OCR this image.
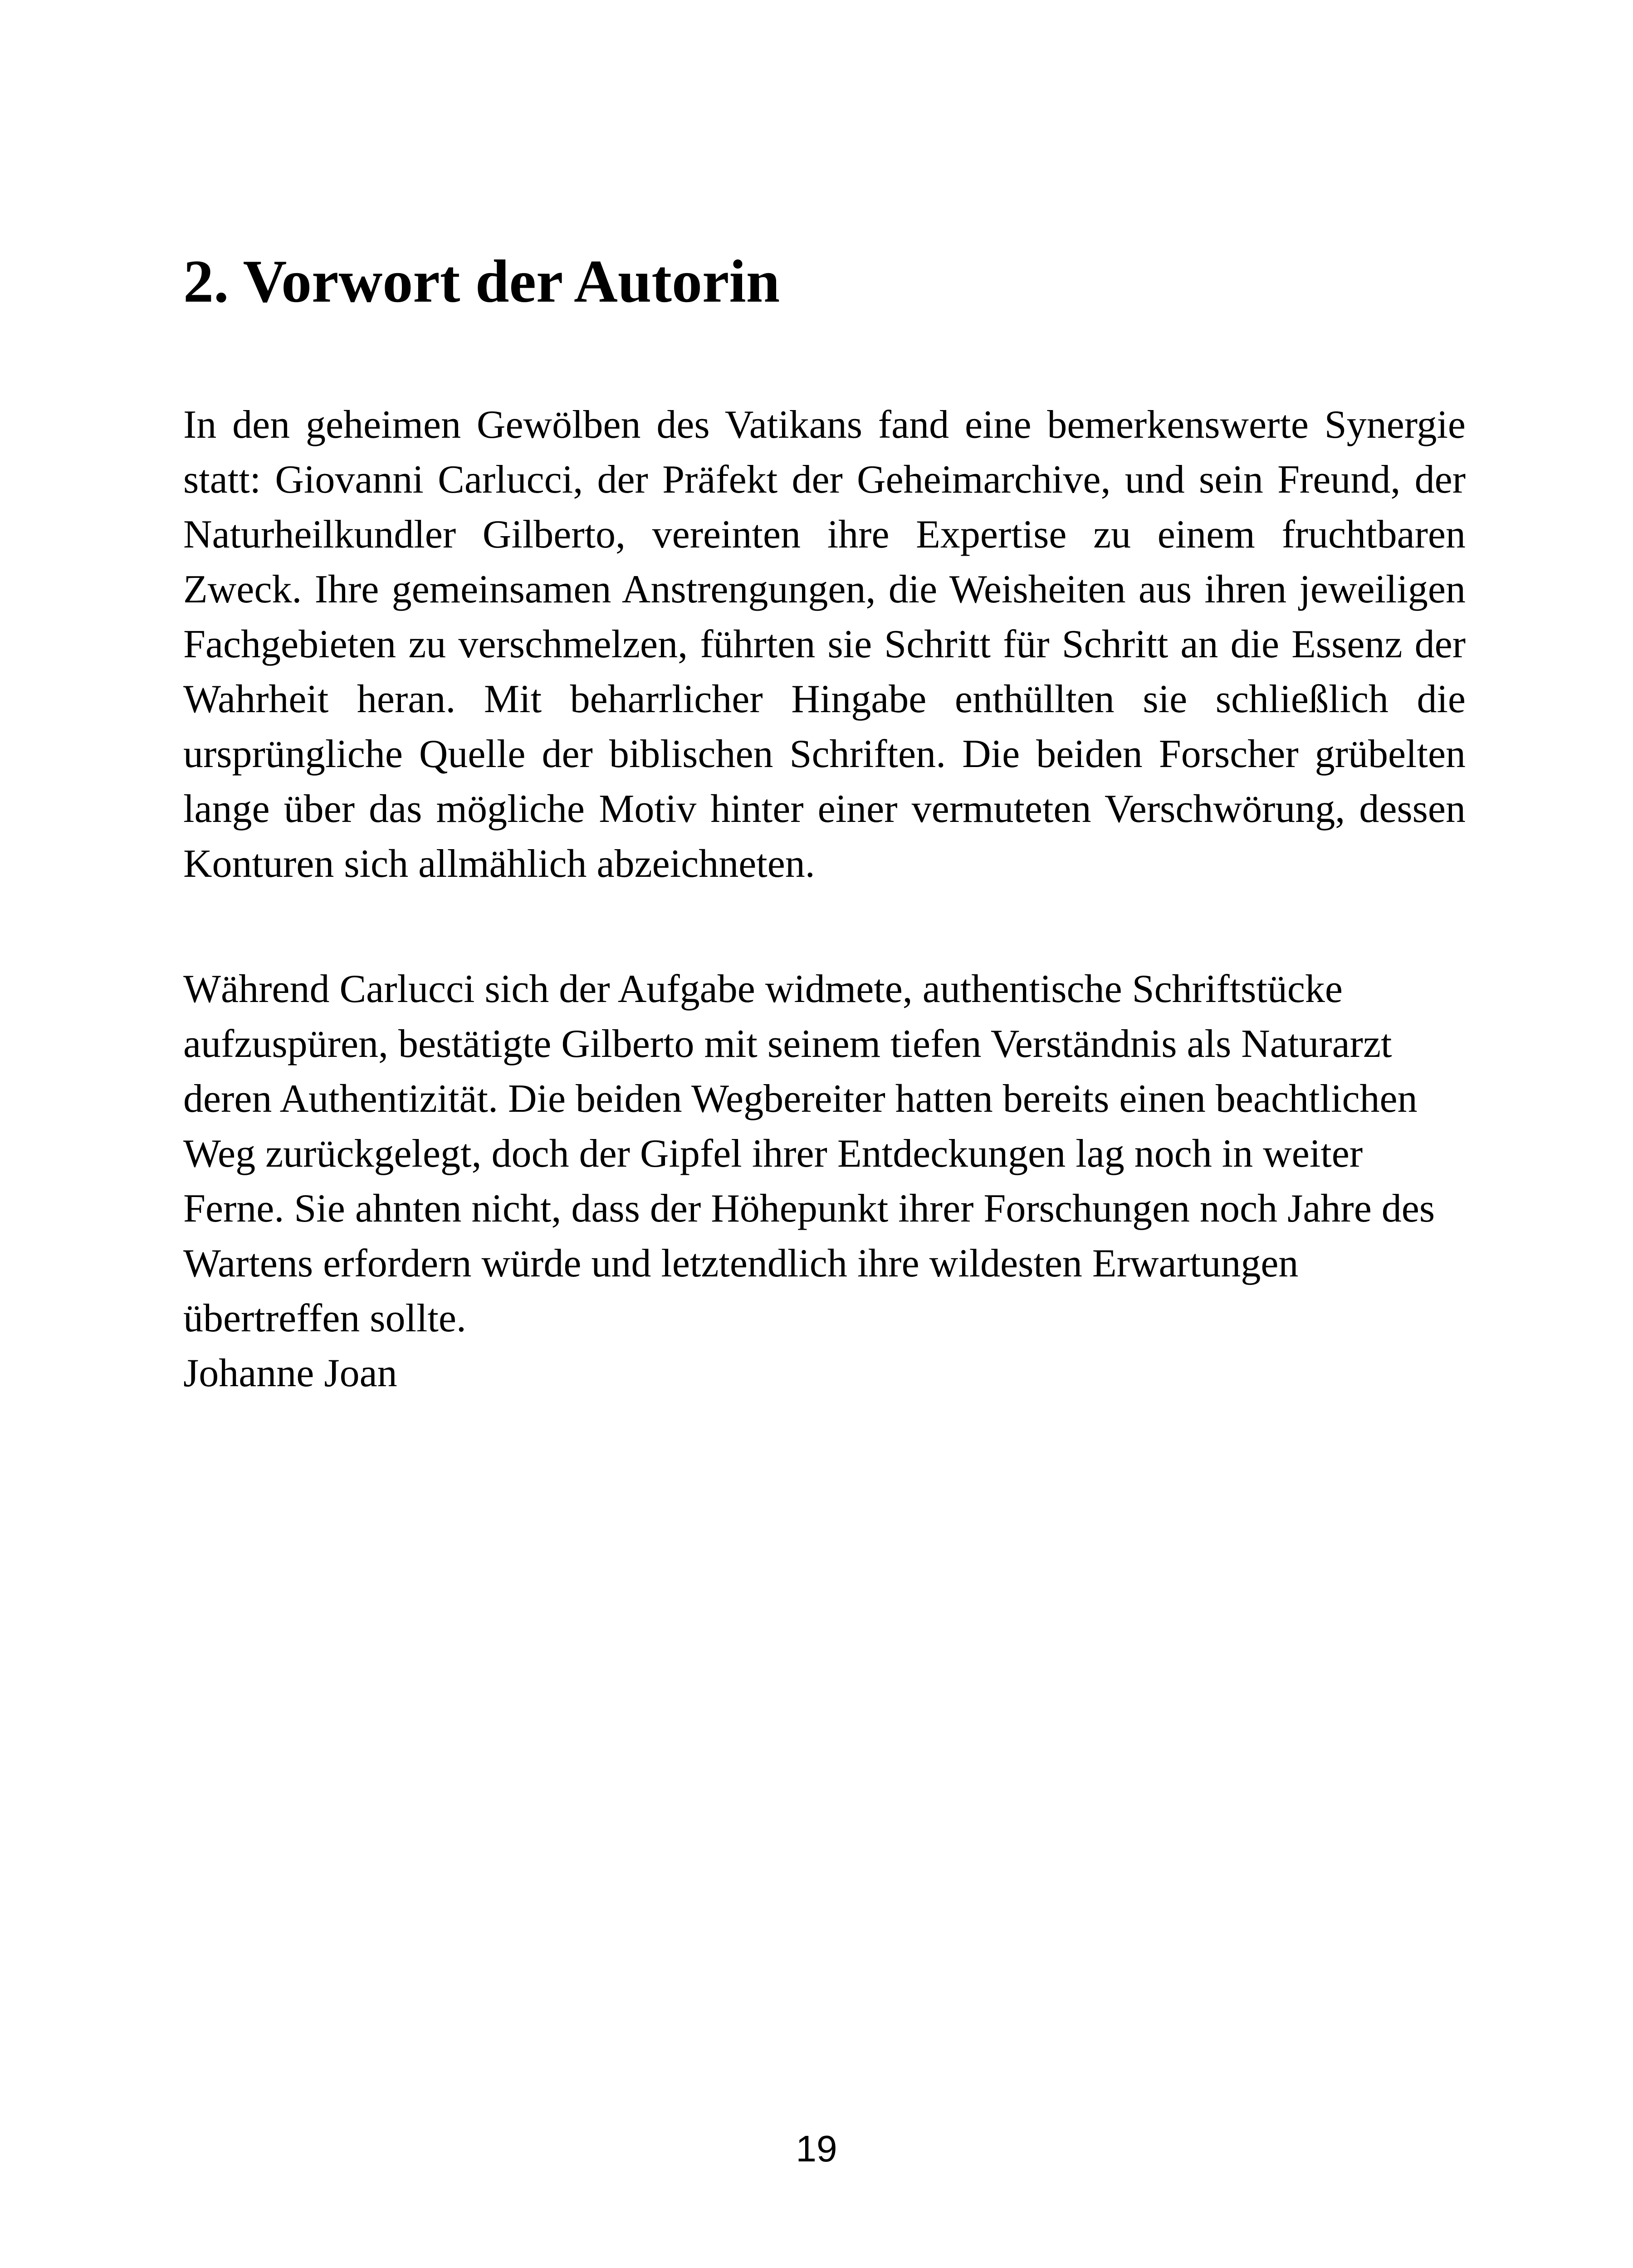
2. Vorwort der Autorin

In den geheimen Gewölben des Vatikans fand eine bemerkenswerte Synergie statt: Giovanni Carlucci, der Präfekt der Geheimarchive, und sein Freund, der Naturheilkundler Gilberto, vereinten ihre Expertise zu einem fruchtbaren Zweck. Ihre gemeinsamen Anstrengungen, die Weisheiten aus ihren jeweiligen Fachgebieten zu verschmelzen, führten sie Schritt für Schritt an die Essenz der Wahrheit heran. Mit beharrlicher Hingabe enthüllten sie schließlich die ursprüngliche Quelle der biblischen Schriften. Die beiden Forscher grübelten lange über das mögliche Motiv hinter einer vermuteten Verschwörung, dessen Konturen sich allmählich abzeichneten.

Während Carlucci sich der Aufgabe widmete, authentische Schriftstücke aufzuspüren, bestätigte Gilberto mit seinem tiefen Verständnis als Naturarzt deren Authentizität. Die beiden Wegbereiter hatten bereits einen beachtlichen Weg zurückgelegt, doch der Gipfel ihrer Entdeckungen lag noch in weiter Ferne. Sie ahnten nicht, dass der Höhepunkt ihrer Forschungen noch Jahre des Wartens erfordern würde und letztendlich ihre wildesten Erwartungen übertreffen sollte.
Johanne Joan

19
